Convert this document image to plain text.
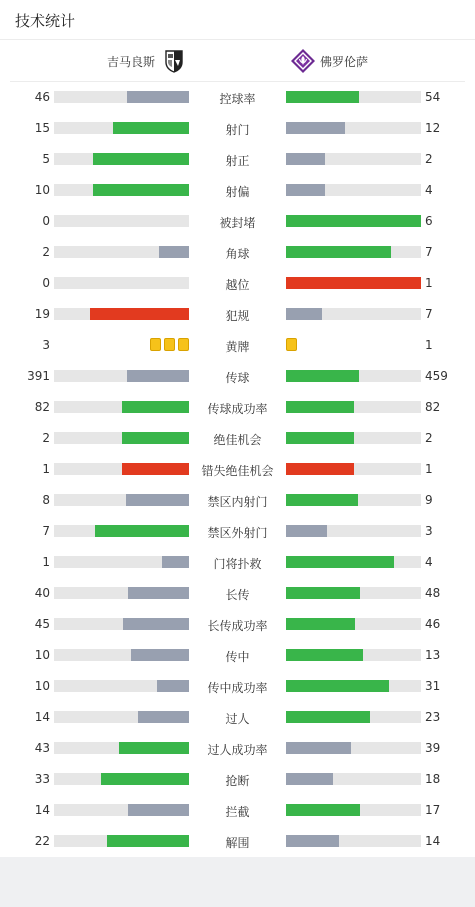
技术统计
吉马良斯	佛罗伦萨
46	控球率	54
15	射门	12
5	射正	2
10	射偏	4
0	被封堵	6
2	角球	7
0	越位	1
19	犯规	7
3	黄牌	1
391	传球	459
82	传球成功率	82
2	绝佳机会	2
1	错失绝佳机会	1
8	禁区内射门	9
7	禁区外射门	3
1	门将扑救	4
40	长传	48
45	长传成功率	46
10	传中	13
10	传中成功率	31
14	过人	23
43	过人成功率	39
33	抢断	18
14	拦截	17
22	解围	14
